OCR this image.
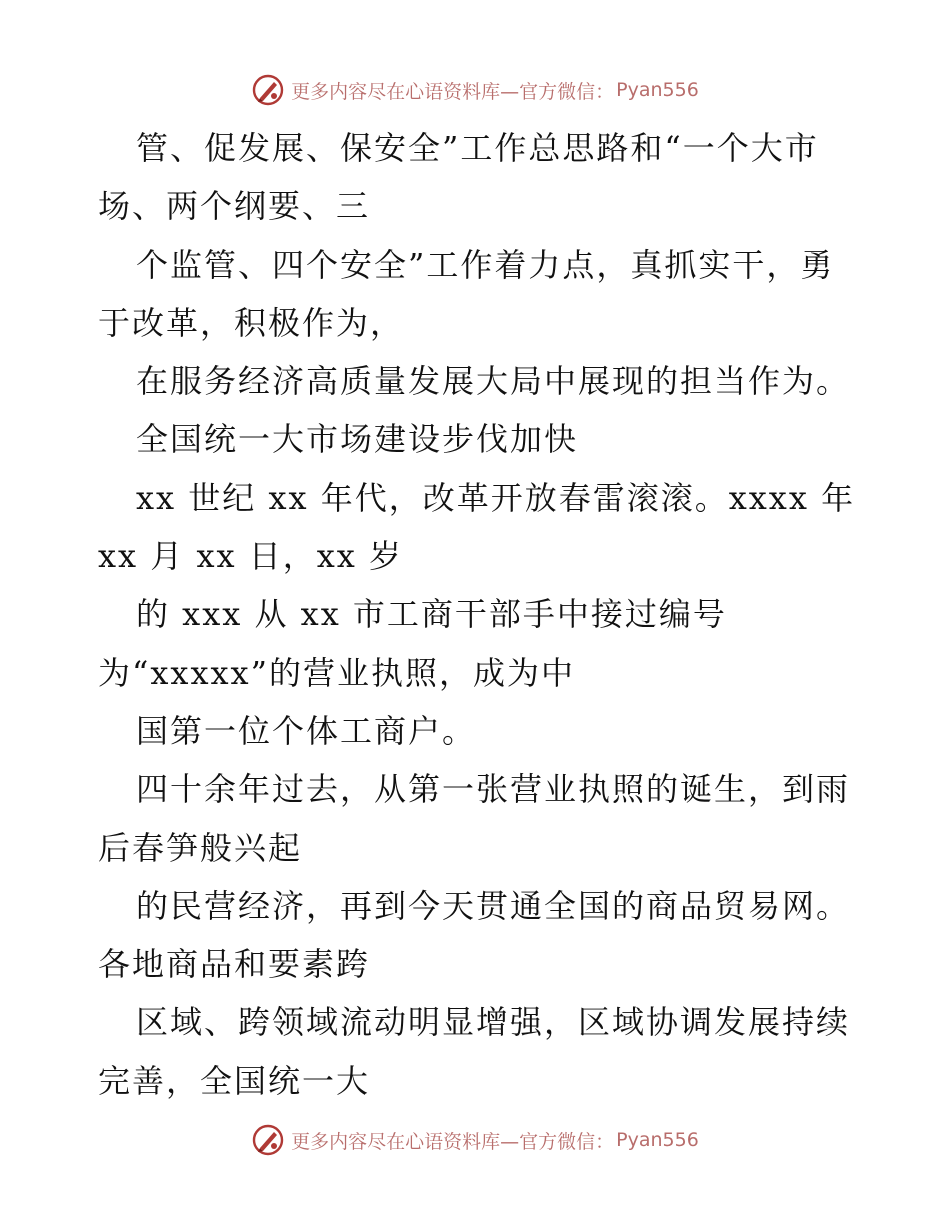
更多内容尽在心语资料库—官方微信： Pyan556
管、促发展、保安全”工作总思路和“一个大市
场、两个纲要、三
个监管、四个安全”工作着力点，真抓实干，勇
于改革，积极作为，
在服务经济高质量发展大局中展现的担当作为。
全国统一大市场建设步伐加快
xx 世纪 xx 年代，改革开放春雷滚滚。xxxx 年
xx 月 xx 日，xx 岁
的 xxx 从 xx 市工商干部手中接过编号
为“xxxxx”的营业执照，成为中
国第一位个体工商户。
四十余年过去，从第一张营业执照的诞生，到雨
后春笋般兴起
的民营经济，再到今天贯通全国的商品贸易网。
各地商品和要素跨
区域、跨领域流动明显增强，区域协调发展持续
完善，全国统一大
更多内容尽在心语资料库—官方微信： Pyan556
